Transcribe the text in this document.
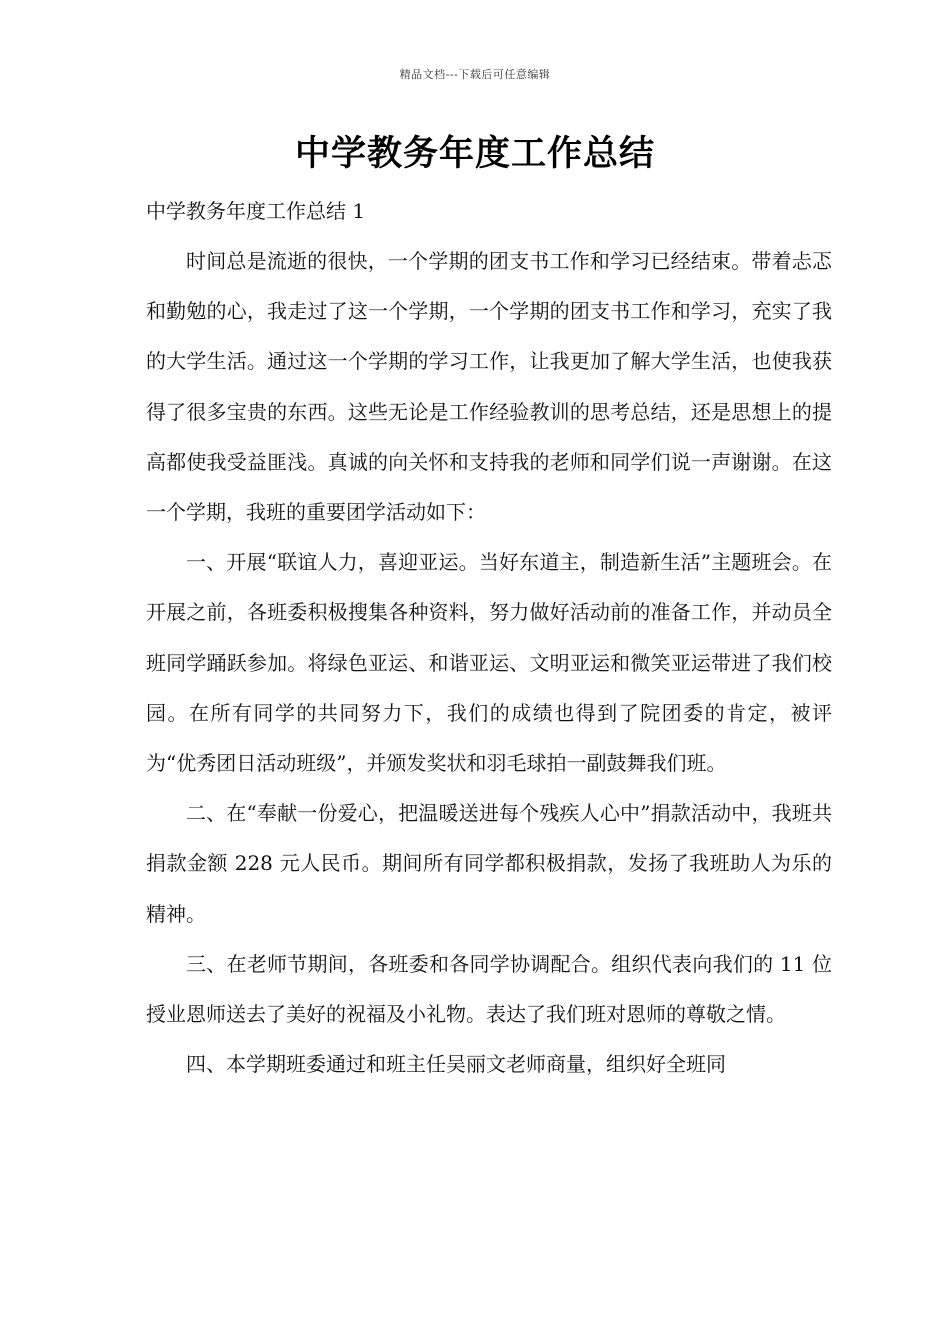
精品文档---下载后可任意编辑
中学教务年度工作总结

中学教务年度工作总结 1

时间总是流逝的很快，一个学期的团支书工作和学习已经结束。带着忐忑和勤勉的心，我走过了这一个学期，一个学期的团支书工作和学习，充实了我的大学生活。通过这一个学期的学习工作，让我更加了解大学生活，也使我获得了很多宝贵的东西。这些无论是工作经验教训的思考总结，还是思想上的提高都使我受益匪浅。真诚的向关怀和支持我的老师和同学们说一声谢谢。在这一个学期，我班的重要团学活动如下：

一、开展“联谊人力，喜迎亚运。当好东道主，制造新生活”主题班会。在开展之前，各班委积极搜集各种资料，努力做好活动前的准备工作，并动员全班同学踊跃参加。将绿色亚运、和谐亚运、文明亚运和微笑亚运带进了我们校园。在所有同学的共同努力下，我们的成绩也得到了院团委的肯定，被评为“优秀团日活动班级”，并颁发奖状和羽毛球拍一副鼓舞我们班。

二、在“奉献一份爱心，把温暖送进每个残疾人心中”捐款活动中，我班共捐款金额 228 元人民币。期间所有同学都积极捐款，发扬了我班助人为乐的精神。

三、在老师节期间，各班委和各同学协调配合。组织代表向我们的 11 位授业恩师送去了美好的祝福及小礼物。表达了我们班对恩师的尊敬之情。

四、本学期班委通过和班主任吴丽文老师商量，组织好全班同
